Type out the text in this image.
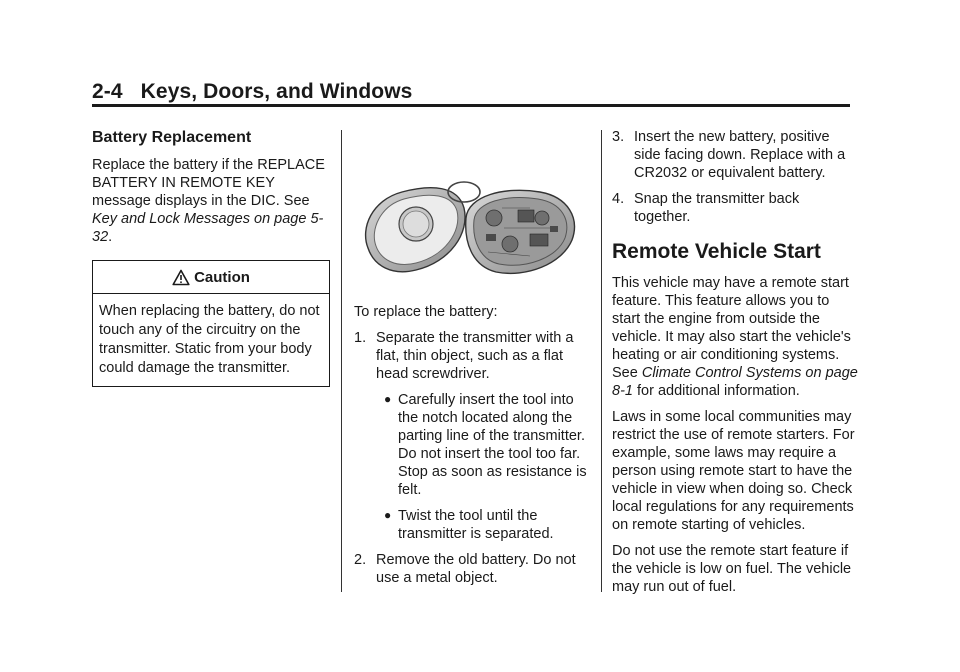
2-4 Keys, Doors, and Windows
Battery Replacement

Replace the battery if the REPLACE BATTERY IN REMOTE KEY message displays in the DIC. See Key and Lock Messages on page 5-32.

Caution
When replacing the battery, do not touch any of the circuitry on the transmitter. Static from your body could damage the transmitter.

To replace the battery:

1. Separate the transmitter with a flat, thin object, such as a flat head screwdriver.
● Carefully insert the tool into the notch located along the parting line of the transmitter. Do not insert the tool too far. Stop as soon as resistance is felt.
● Twist the tool until the transmitter is separated.
2. Remove the old battery. Do not use a metal object.
3. Insert the new battery, positive side facing down. Replace with a CR2032 or equivalent battery.
4. Snap the transmitter back together.
Remote Vehicle Start

This vehicle may have a remote start feature. This feature allows you to start the engine from outside the vehicle. It may also start the vehicle's heating or air conditioning systems. See Climate Control Systems on page 8-1 for additional information.

Laws in some local communities may restrict the use of remote starters. For example, some laws may require a person using remote start to have the vehicle in view when doing so. Check local regulations for any requirements on remote starting of vehicles.

Do not use the remote start feature if the vehicle is low on fuel. The vehicle may run out of fuel.
